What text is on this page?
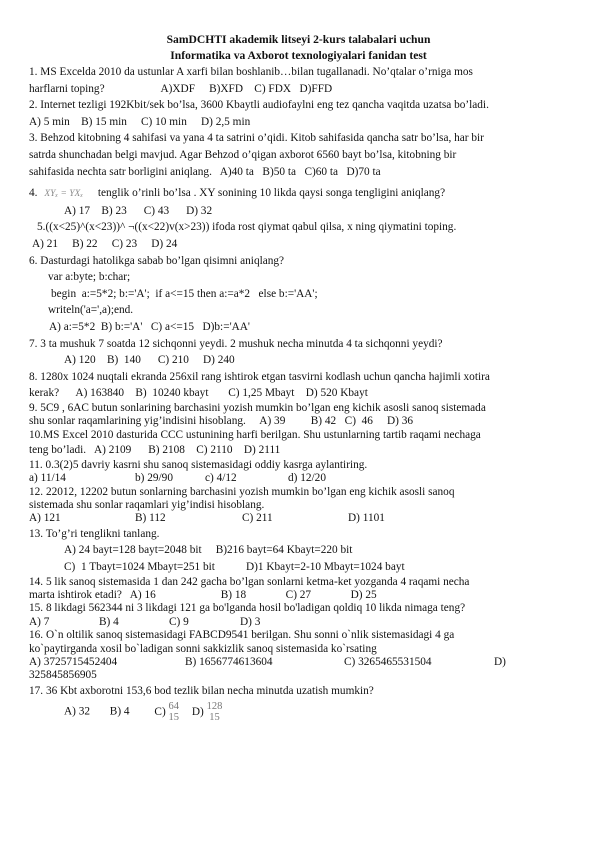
SamDCHTI akademik litseyi 2-kurs talabalari uchun
Informatika va Axborot texnologiyalari fanidan test
1. MS Excelda 2010 da ustunlar A xarfi bilan boshlanib…bilan tugallanadi. No’qtalar o’rniga mos
harflarni toping?                    A)XDF     B)XFD    C) FDX   D)FFD
2. Internet tezligi 192Kbit/sek bo’lsa, 3600 Kbaytli audiofaylni eng tez qancha vaqitda uzatsa bo’ladi.
A) 5 min    B) 15 min     C) 10 min     D) 2,5 min
3. Behzod kitobning 4 sahifasi va yana 4 ta satrini o’qidi. Kitob sahifasida qancha satr bo’lsa, har bir
satrda shunchadan belgi mavjud. Agar Behzod o’qigan axborot 6560 bayt bo’lsa, kitobning bir
sahifasida nechta satr borligini aniqlang.   A)40 ta   B)50 ta   C)60 ta   D)70 ta
4. XYₓ = YXₓ tenglik o’rinli bo’lsa . XY sonining 10 likda qaysi songa tengligini aniqlang?
A) 17    B) 23      C) 43      D) 32
5.((x<25)^(x<23))^ ¬((x<22)v(x>23)) ifoda rost qiymat qabul qilsa, x ning qiymatini toping.
A) 21     B) 22     C) 23     D) 24
6. Dasturdagi hatolikga sabab bo’lgan qisimni aniqlang?
var a:byte; b:char;
begin  a:=5*2; b:='A';  if a<=15 then a:=a*2   else b:='AA';
writeln('a=',a);end.
A) a:=5*2  B) b:='A'   C) a<=15   D)b:='AA'
7. 3 ta mushuk 7 soatda 12 sichqonni yeydi. 2 mushuk necha minutda 4 ta sichqonni yeydi?
A) 120    B)  140      C) 210     D) 240
8. 1280x 1024 nuqtali ekranda 256xil rang ishtirok etgan tasvirni kodlash uchun qancha hajimli xotira
kerak?      A) 163840    B)  10240 kbayt       C) 1,25 Mbayt    D) 520 Kbayt
9. 5C9 , 6AC butun sonlarining barchasini yozish mumkin bo’lgan eng kichik asosli sanoq sistemada
shu sonlar raqamlarining yig’indisini hisoblang.     A) 39         B) 42   C)  46     D) 36
10.MS Excel 2010 dasturida CCC ustunining harfi berilgan. Shu ustunlarning tartib raqami nechaga
teng bo’ladi.   A) 2109      B) 2108    C) 2110    D) 2111
11. 0.3(2)5 davriy kasrni shu sanoq sistemasidagi oddiy kasrga aylantiring.
a) 11/14	b) 29/90	c) 4/12	d) 12/20
12. 22012, 12202 butun sonlarning barchasini yozish mumkin bo’lgan eng kichik asosli sanoq
sistemada shu sonlar raqamlari yig’indisi hisoblang.
A) 121	B) 112	C) 211	D) 1101
13. To’g’ri tenglikni tanlang.
A) 24 bayt=128 bayt=2048 bit     B)216 bayt=64 Kbayt=220 bit
C)  1 Tbayt=1024 Mbayt=251 bit           D)1 Kbayt=2-10 Mbayt=1024 bayt
14. 5 lik sanoq sistemasida 1 dan 242 gacha bo’lgan sonlarni ketma-ket yozganda 4 raqami necha
marta ishtirok etadi?   A) 16                       B) 18              C) 27              D) 25
15. 8 likdagi 562344 ni 3 likdagi 121 ga bo'lganda hosil bo'ladigan qoldiq 10 likda nimaga teng?
A) 7	B) 4	C) 9	D) 3
16. O`n oltilik sanoq sistemasidagi FABCD9541 berilgan. Shu sonni o`nlik sistemasidagi 4 ga
ko`paytirganda xosil bo`ladigan sonni sakkizlik sanoq sistemasida ko`rsating
A) 3725715452404	B) 1656774613604	C) 3265465531504	D)
325845856905
17. 36 Kbt axborotni 153,6 bod tezlik bilan necha minutda uzatish mumkin?
A) 32       B) 4 C) 64
15 D) 128
15
